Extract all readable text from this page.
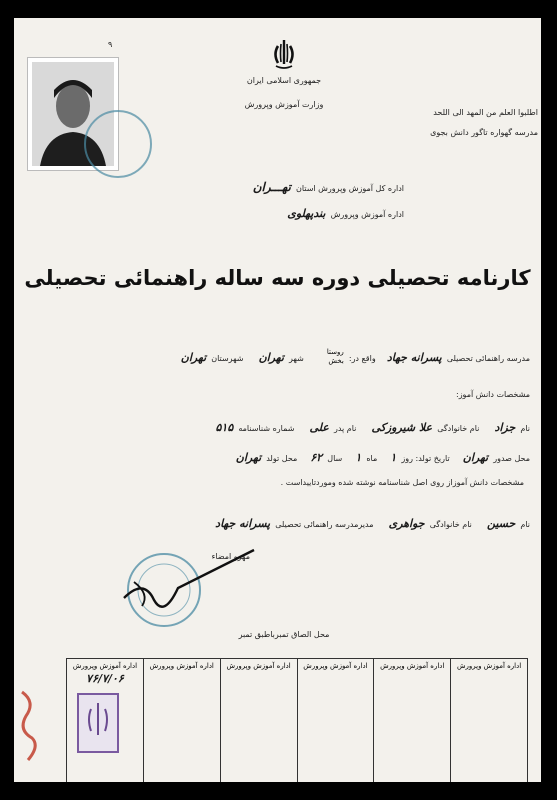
۹
جمهوری اسلامی ایران
وزارت آموزش وپرورش
اطلبوا العلم من المهد الی اللحد
مدرسه گهواره تاگور دانش بجوی
اداره کل آموزش وپرورش استان تهـــران
اداره آموزش وپرورش بندپهلوی
کارنامه تحصیلی دوره سه ساله راهنمائی تحصیلی
مدرسه راهنمائی تحصیلی پسرانه جهاد واقع در:
روستا
بخش
شهر تهران شهرستان تهران
مشخصات دانش آموز:
نام جزاد نام خانوادگی علا شیروزکی نام پدر علی شماره شناسنامه ۵۱۵
محل صدور تهران تاریخ تولد: روز ۱ ماه ۱ سال ۶۲ محل تولد تهران
مشخصات دانش آموزاز روی اصل شناسنامه نوشته شده وموردتاییداست .
نام حسین نام خانوادگی جواهری مدیرمدرسه راهنمائی تحصیلی پسرانه جهاد
مهرو امضاء
محل الصاق تمبرباطبق تمبر
اداره آموزش وپرورش
اداره آموزش وپرورش
اداره آموزش وپرورش
اداره آموزش وپرورش
اداره آموزش وپرورش
اداره آموزش وپرورش
۷۶/۷/۰۶
